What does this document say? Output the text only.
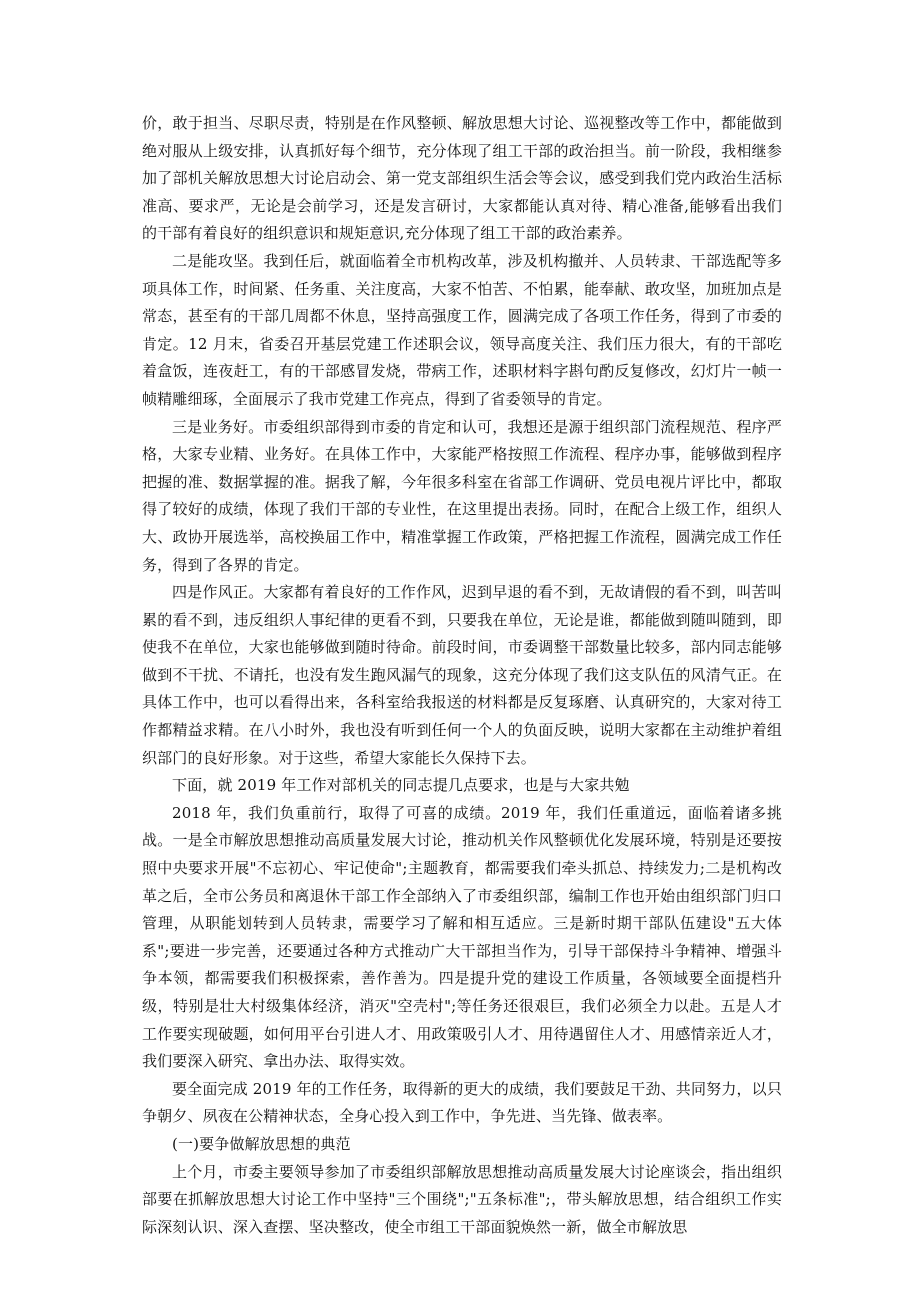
价，敢于担当、尽职尽责，特别是在作风整顿、解放思想大讨论、巡视整改等工作中，都能做到绝对服从上级安排，认真抓好每个细节，充分体现了组工干部的政治担当。前一阶段，我相继参加了部机关解放思想大讨论启动会、第一党支部组织生活会等会议，感受到我们党内政治生活标准高、要求严，无论是会前学习，还是发言研讨，大家都能认真对待、精心准备,能够看出我们的干部有着良好的组织意识和规矩意识,充分体现了组工干部的政治素养。

二是能攻坚。我到任后，就面临着全市机构改革，涉及机构撤并、人员转隶、干部选配等多项具体工作，时间紧、任务重、关注度高，大家不怕苦、不怕累，能奉献、敢攻坚，加班加点是常态，甚至有的干部几周都不休息，坚持高强度工作，圆满完成了各项工作任务，得到了市委的肯定。12 月末，省委召开基层党建工作述职会议，领导高度关注、我们压力很大，有的干部吃着盒饭，连夜赶工，有的干部感冒发烧，带病工作，述职材料字斟句酌反复修改，幻灯片一帧一帧精雕细琢，全面展示了我市党建工作亮点，得到了省委领导的肯定。

三是业务好。市委组织部得到市委的肯定和认可，我想还是源于组织部门流程规范、程序严格，大家专业精、业务好。在具体工作中，大家能严格按照工作流程、程序办事，能够做到程序把握的准、数据掌握的准。据我了解，今年很多科室在省部工作调研、党员电视片评比中，都取得了较好的成绩，体现了我们干部的专业性，在这里提出表扬。同时，在配合上级工作，组织人大、政协开展选举，高校换届工作中，精准掌握工作政策，严格把握工作流程，圆满完成工作任务，得到了各界的肯定。

四是作风正。大家都有着良好的工作作风，迟到早退的看不到，无故请假的看不到，叫苦叫累的看不到，违反组织人事纪律的更看不到，只要我在单位，无论是谁，都能做到随叫随到，即使我不在单位，大家也能够做到随时待命。前段时间，市委调整干部数量比较多，部内同志能够做到不干扰、不请托，也没有发生跑风漏气的现象，这充分体现了我们这支队伍的风清气正。在具体工作中，也可以看得出来，各科室给我报送的材料都是反复琢磨、认真研究的，大家对待工作都精益求精。在八小时外，我也没有听到任何一个人的负面反映，说明大家都在主动维护着组织部门的良好形象。对于这些，希望大家能长久保持下去。

下面，就 2019 年工作对部机关的同志提几点要求，也是与大家共勉

2018 年，我们负重前行，取得了可喜的成绩。2019 年，我们任重道远，面临着诸多挑战。一是全市解放思想推动高质量发展大讨论，推动机关作风整顿优化发展环境，特别是还要按照中央要求开展"不忘初心、牢记使命";主题教育，都需要我们牵头抓总、持续发力;二是机构改革之后，全市公务员和离退休干部工作全部纳入了市委组织部，编制工作也开始由组织部门归口管理，从职能划转到人员转隶，需要学习了解和相互适应。三是新时期干部队伍建设"五大体系";要进一步完善，还要通过各种方式推动广大干部担当作为，引导干部保持斗争精神、增强斗争本领，都需要我们积极探索，善作善为。四是提升党的建设工作质量，各领域要全面提档升级，特别是壮大村级集体经济，消灭"空壳村";等任务还很艰巨，我们必须全力以赴。五是人才工作要实现破题，如何用平台引进人才、用政策吸引人才、用待遇留住人才、用感情亲近人才，我们要深入研究、拿出办法、取得实效。

要全面完成 2019 年的工作任务，取得新的更大的成绩，我们要鼓足干劲、共同努力，以只争朝夕、夙夜在公精神状态，全身心投入到工作中，争先进、当先锋、做表率。

(一)要争做解放思想的典范

上个月，市委主要领导参加了市委组织部解放思想推动高质量发展大讨论座谈会，指出组织部要在抓解放思想大讨论工作中坚持"三个围绕";"五条标准";，带头解放思想，结合组织工作实际深刻认识、深入查摆、坚决整改，使全市组工干部面貌焕然一新，做全市解放思
